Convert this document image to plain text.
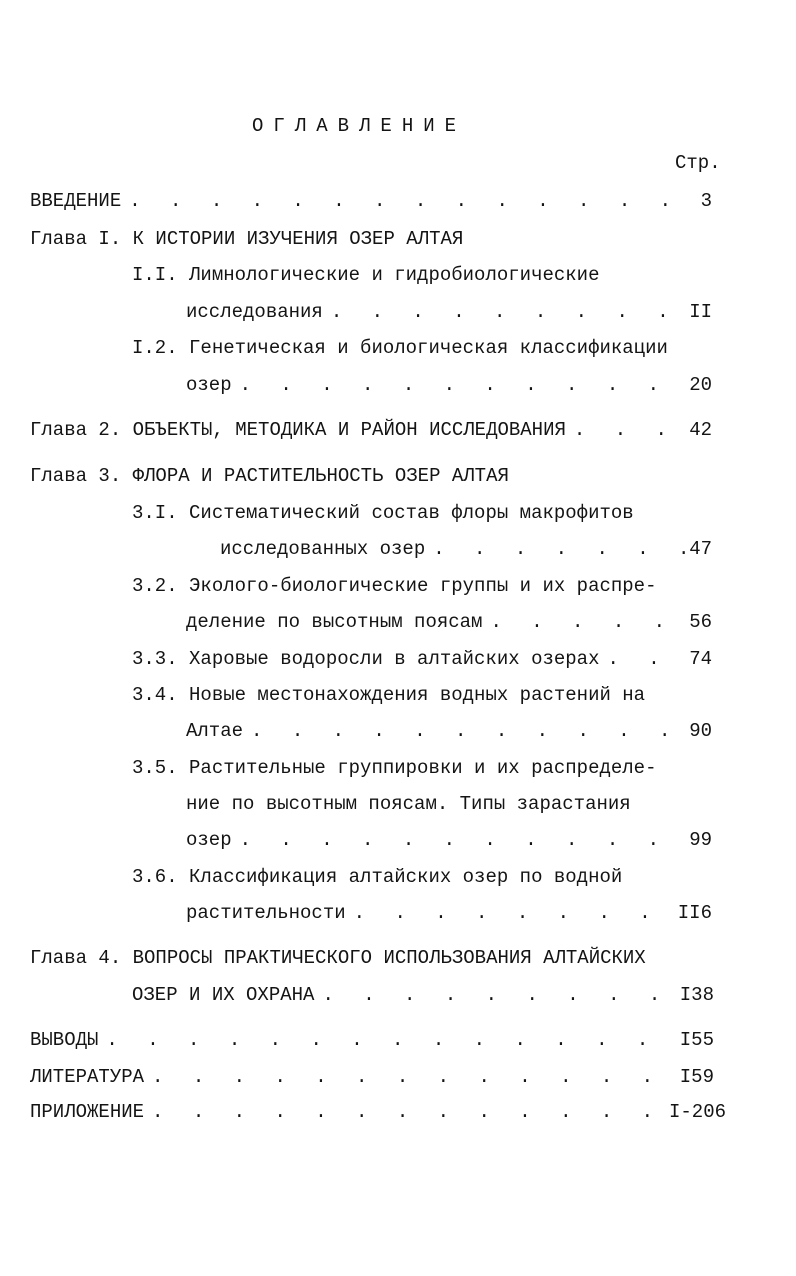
ОГЛАВЛЕНИЕ
Стр.
ВВЕДЕНИЕ . . .	3
Глава I. К ИСТОРИИ ИЗУЧЕНИЯ ОЗЕР АЛТАЯ
I.I. Лимнологические и гидробиологические
исследования . . .	II
I.2. Генетическая и биологическая классификации
озер . . .	20
Глава 2. ОБЪЕКТЫ, МЕТОДИКА И РАЙОН ИССЛЕДОВАНИЯ . . .	42
Глава 3. ФЛОРА И РАСТИТЕЛЬНОСТЬ ОЗЕР АЛТАЯ
3.I. Систематический состав флоры макрофитов
исследованных озер . . .	47
3.2. Эколого-биологические группы и их распре-
деление по высотным поясам . . .	56
3.3. Харовые водоросли в алтайских озерах . . .	74
3.4. Новые местонахождения водных растений на
Алтае . . .	90
3.5. Растительные группировки и их распределе-
ние по высотным поясам. Типы зарастания
озер . . .	99
3.6. Классификация алтайских озер по водной
растительности . . .	II6
Глава 4. ВОПРОСЫ ПРАКТИЧЕСКОГО ИСПОЛЬЗОВАНИЯ АЛТАЙСКИХ
ОЗЕР И ИХ ОХРАНА . . .	I38
ВЫВОДЫ . . .	I55
ЛИТЕРАТУРА . . .	I59
ПРИЛОЖЕНИЕ . . .	I-206
